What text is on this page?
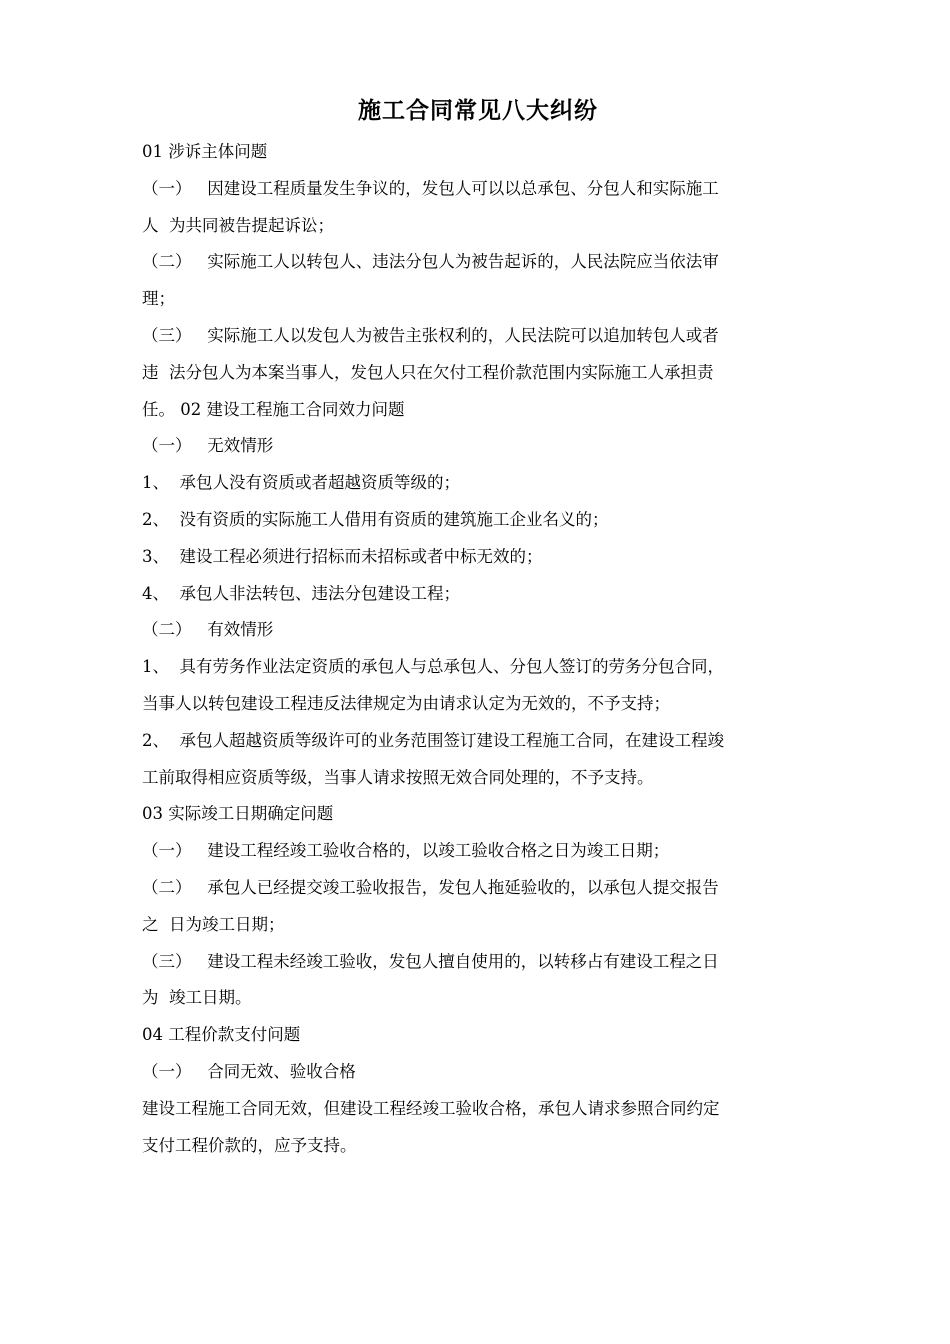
施工合同常见八大纠纷

01 涉诉主体问题

（一）   因建设工程质量发生争议的，发包人可以以总承包、分包人和实际施工

人  为共同被告提起诉讼；

（二）   实际施工人以转包人、违法分包人为被告起诉的，人民法院应当依法审

理；

（三）   实际施工人以发包人为被告主张权利的，人民法院可以追加转包人或者

违  法分包人为本案当事人，发包人只在欠付工程价款范围内实际施工人承担责

任。 02 建设工程施工合同效力问题

（一）   无效情形

1、  承包人没有资质或者超越资质等级的；

2、  没有资质的实际施工人借用有资质的建筑施工企业名义的；

3、  建设工程必须进行招标而未招标或者中标无效的；

4、  承包人非法转包、违法分包建设工程；

（二）   有效情形

1、  具有劳务作业法定资质的承包人与总承包人、分包人签订的劳务分包合同，

当事人以转包建设工程违反法律规定为由请求认定为无效的，不予支持；

2、  承包人超越资质等级许可的业务范围签订建设工程施工合同，在建设工程竣

工前取得相应资质等级，当事人请求按照无效合同处理的，不予支持。

03 实际竣工日期确定问题

（一）   建设工程经竣工验收合格的，以竣工验收合格之日为竣工日期；

（二）   承包人已经提交竣工验收报告，发包人拖延验收的，以承包人提交报告

之  日为竣工日期；

（三）   建设工程未经竣工验收，发包人擅自使用的，以转移占有建设工程之日

为  竣工日期。

04 工程价款支付问题

（一）   合同无效、验收合格

建设工程施工合同无效，但建设工程经竣工验收合格，承包人请求参照合同约定

支付工程价款的，应予支持。
